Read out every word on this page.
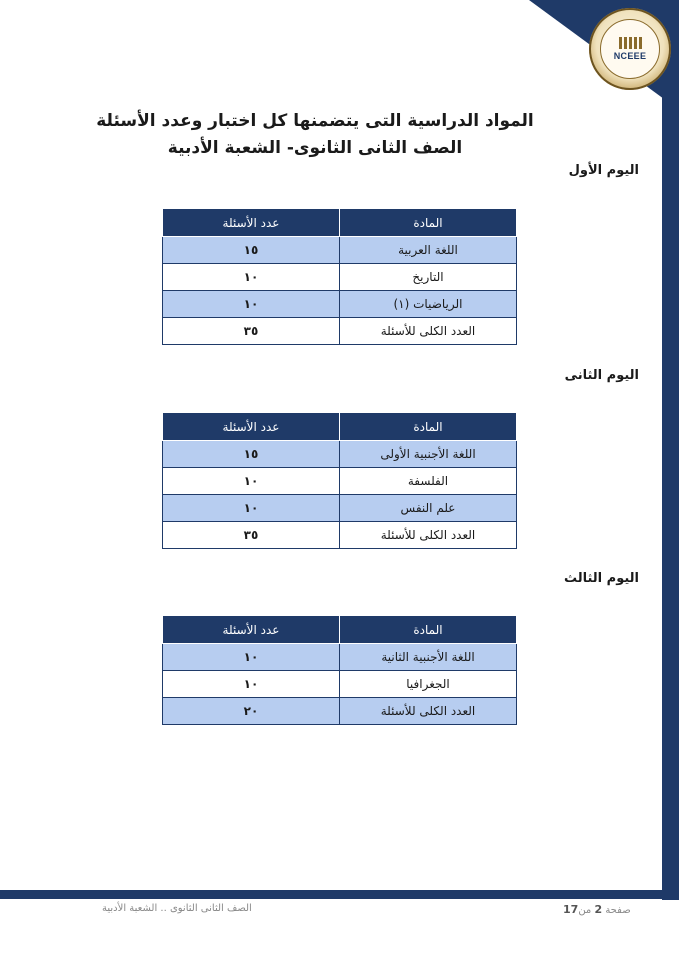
NCEEE
المواد الدراسية التى يتضمنها كل اختبار وعدد الأسئلة
الصف الثانى الثانوى- الشعبة الأدبية
اليوم الأول
المادة	عدد الأسئلة
اللغة العربية	١٥
التاريخ	١٠
الرياضيات (١)	١٠
العدد الكلى للأسئلة	٣٥
اليوم الثانى
المادة	عدد الأسئلة
اللغة الأجنبية الأولى	١٥
الفلسفة	١٠
علم النفس	١٠
العدد الكلى للأسئلة	٣٥
اليوم الثالث
المادة	عدد الأسئلة
اللغة الأجنبية الثانية	١٠
الجغرافيا	١٠
العدد الكلى للأسئلة	٢٠
الصف الثانى الثانوى .. الشعبة الأدبية	صفحة 2 من17
